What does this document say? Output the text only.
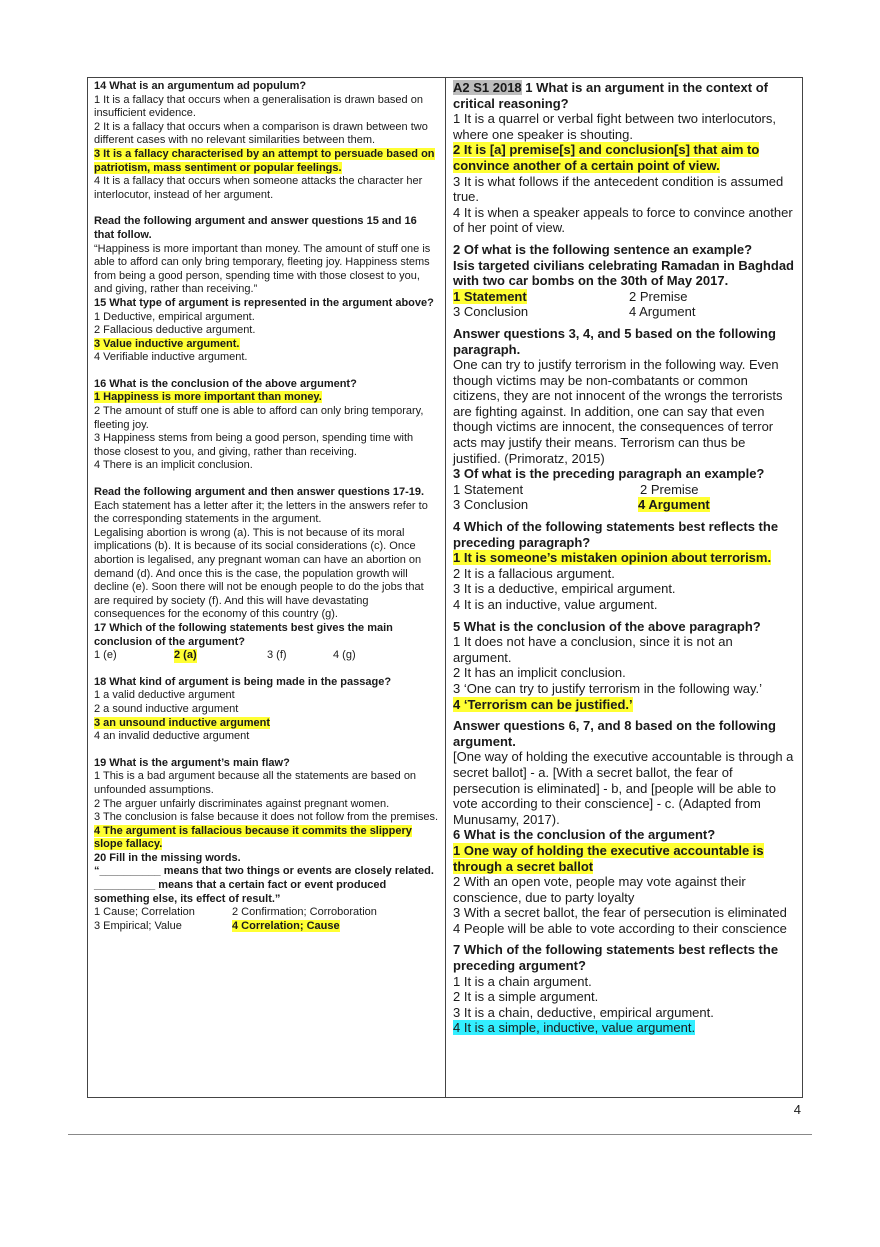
14 What is an argumentum ad populum?

1 It is a fallacy that occurs when a generalisation is drawn based on insufficient evidence.

2 It is a fallacy that occurs when a comparison is drawn between two different cases with no relevant similarities between them.

3 It is a fallacy characterised by an attempt to persuade based on patriotism, mass sentiment or popular feelings.

4 It is a fallacy that occurs when someone attacks the character her interlocutor, instead of her argument.

Read the following argument and answer questions 15 and 16 that follow.

“Happiness is more important than money. The amount of stuff one is able to afford can only bring temporary, fleeting joy. Happiness stems from being a good person, spending time with those closest to you, and giving, rather than receiving.”

15 What type of argument is represented in the argument above?

1 Deductive, empirical argument.

2 Fallacious deductive argument.

3 Value inductive argument.

4 Verifiable inductive argument.

16 What is the conclusion of the above argument?

1 Happiness is more important than money.

2 The amount of stuff one is able to afford can only bring temporary, fleeting joy.

3 Happiness stems from being a good person, spending time with those closest to you, and giving, rather than receiving.

4 There is an implicit conclusion.

Read the following argument and then answer questions 17-19. Each statement has a letter after it; the letters in the answers refer to the corresponding statements in the argument.

Legalising abortion is wrong (a). This is not because of its moral implications (b). It is because of its social considerations (c). Once abortion is legalised, any pregnant woman can have an abortion on demand (d). And once this is the case, the population growth will decline (e). Soon there will not be enough people to do the jobs that are required by society (f). And this will have devastating consequences for the economy of this country (g).

17 Which of the following statements best gives the main conclusion of the argument?

1 (e)	2 (a)	3 (f)	4 (g)

18 What kind of argument is being made in the passage?

1 a valid deductive argument

2 a sound inductive argument

3 an unsound inductive argument

4 an invalid deductive argument

19 What is the argument’s main flaw?

1 This is a bad argument because all the statements are based on unfounded assumptions.

2 The arguer unfairly discriminates against pregnant women.

3 The conclusion is false because it does not follow from the premises.

4 The argument is fallacious because it commits the slippery slope fallacy.

20 Fill in the missing words.

“__________ means that two things or events are closely related. __________ means that a certain fact or event produced something else, its effect of result.”

1 Cause; Correlation	2 Confirmation; Corroboration
3 Empirical; Value	4 Correlation; Cause

A2 S1 2018 1 What is an argument in the context of critical reasoning?

1 It is a quarrel or verbal fight between two interlocutors, where one speaker is shouting.

2 It is [a] premise[s] and conclusion[s] that aim to convince another of a certain point of view.

3 It is what follows if the antecedent condition is assumed true.

4 It is when a speaker appeals to force to convince another of her point of view.

2 Of what is the following sentence an example?

Isis targeted civilians celebrating Ramadan in Baghdad with two car bombs on the 30th of May 2017.

1 Statement	2 Premise
3 Conclusion	4 Argument

Answer questions 3, 4, and 5 based on the following paragraph.

One can try to justify terrorism in the following way. Even though victims may be non-combatants or common citizens, they are not innocent of the wrongs the terrorists are fighting against. In addition, one can say that even though victims are innocent, the consequences of terror acts may justify their means. Terrorism can thus be justified. (Primoratz, 2015)

3 Of what is the preceding paragraph an example?

1 Statement	2 Premise
3 Conclusion	4 Argument

4 Which of the following statements best reflects the preceding paragraph?

1 It is someone’s mistaken opinion about terrorism.

2 It is a fallacious argument.

3 It is a deductive, empirical argument.

4 It is an inductive, value argument.

5 What is the conclusion of the above paragraph?

1 It does not have a conclusion, since it is not an argument.

2 It has an implicit conclusion.

3 ‘One can try to justify terrorism in the following way.’

4 ‘Terrorism can be justified.’

Answer questions 6, 7, and 8 based on the following argument.

[One way of holding the executive accountable is through a secret ballot] - a. [With a secret ballot, the fear of persecution is eliminated] - b, and [people will be able to vote according to their conscience] - c. (Adapted from Munusamy, 2017).

6 What is the conclusion of the argument?

1 One way of holding the executive accountable is through a secret ballot

2 With an open vote, people may vote against their conscience, due to party loyalty

3 With a secret ballot, the fear of persecution is eliminated

4 People will be able to vote according to their conscience

7 Which of the following statements best reflects the preceding argument?

1 It is a chain argument.

2 It is a simple argument.

3 It is a chain, deductive, empirical argument.

4 It is a simple, inductive, value argument.

4
